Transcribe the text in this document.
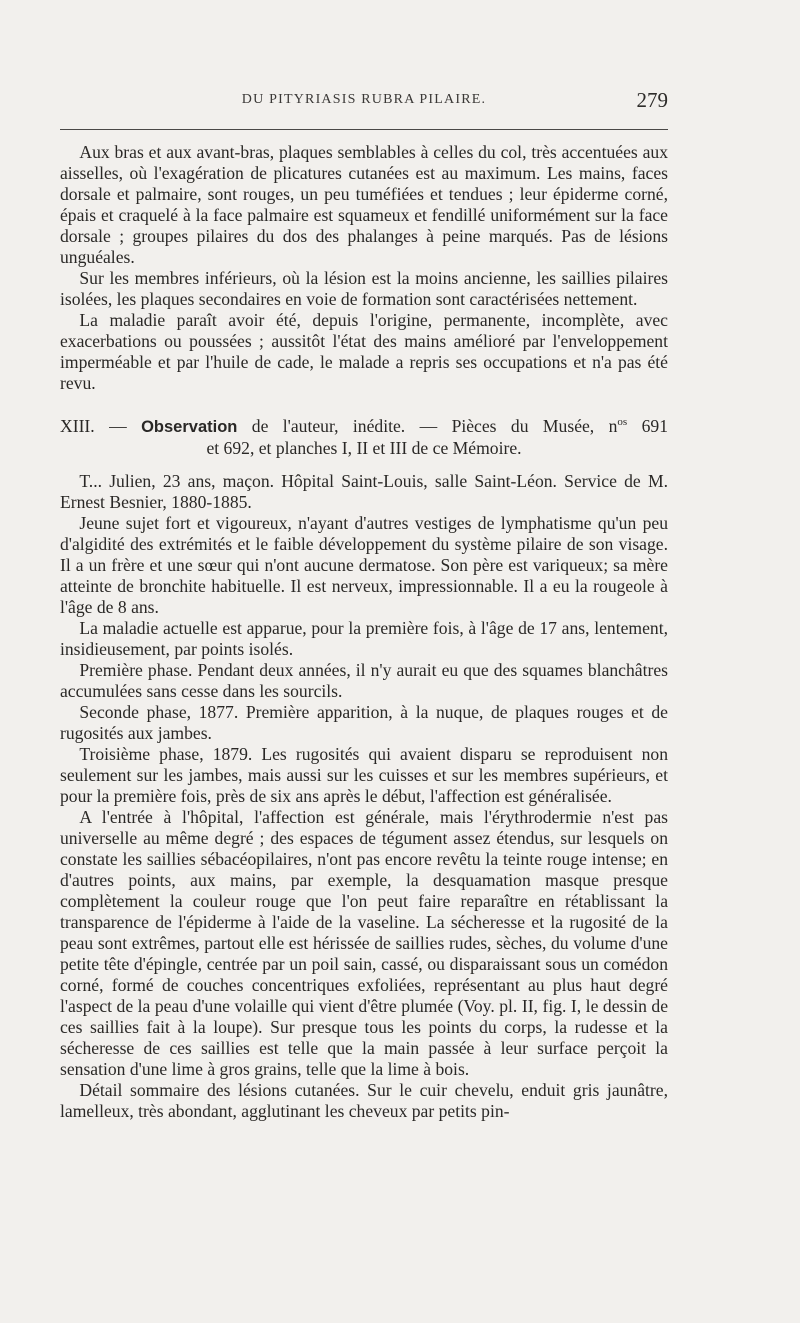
DU PITYRIASIS RUBRA PILAIRE.	279

Aux bras et aux avant-bras, plaques semblables à celles du col, très accentuées aux aisselles, où l'exagération de plicatures cutanées est au maximum. Les mains, faces dorsale et palmaire, sont rouges, un peu tuméfiées et tendues ; leur épiderme corné, épais et craquelé à la face palmaire est squameux et fendillé uniformément sur la face dorsale ; groupes pilaires du dos des phalanges à peine marqués. Pas de lésions unguéales.

Sur les membres inférieurs, où la lésion est la moins ancienne, les saillies pilaires isolées, les plaques secondaires en voie de formation sont caractérisées nettement.

La maladie paraît avoir été, depuis l'origine, permanente, incomplète, avec exacerbations ou poussées ; aussitôt l'état des mains amélioré par l'enveloppement imperméable et par l'huile de cade, le malade a repris ses occupations et n'a pas été revu.

XIII. — Observation de l'auteur, inédite. — Pièces du Musée, $n^{os}$ 691
et 692, et planches I, II et III de ce Mémoire.

T... Julien, 23 ans, maçon. Hôpital Saint-Louis, salle Saint-Léon. Service de M. Ernest Besnier, 1880-1885.

Jeune sujet fort et vigoureux, n'ayant d'autres vestiges de lymphatisme qu'un peu d'algidité des extrémités et le faible développement du système pilaire de son visage. Il a un frère et une sœur qui n'ont aucune dermatose. Son père est variqueux; sa mère atteinte de bronchite habituelle. Il est nerveux, impressionnable. Il a eu la rougeole à l'âge de 8 ans.

La maladie actuelle est apparue, pour la première fois, à l'âge de 17 ans, lentement, insidieusement, par points isolés.

Première phase. Pendant deux années, il n'y aurait eu que des squames blanchâtres accumulées sans cesse dans les sourcils.

Seconde phase, 1877. Première apparition, à la nuque, de plaques rouges et de rugosités aux jambes.

Troisième phase, 1879. Les rugosités qui avaient disparu se reproduisent non seulement sur les jambes, mais aussi sur les cuisses et sur les membres supérieurs, et pour la première fois, près de six ans après le début, l'affection est généralisée.

A l'entrée à l'hôpital, l'affection est générale, mais l'érythrodermie n'est pas universelle au même degré ; des espaces de tégument assez étendus, sur lesquels on constate les saillies sébacéopilaires, n'ont pas encore revêtu la teinte rouge intense; en d'autres points, aux mains, par exemple, la desquamation masque presque complètement la couleur rouge que l'on peut faire reparaître en rétablissant la transparence de l'épiderme à l'aide de la vaseline. La sécheresse et la rugosité de la peau sont extrêmes, partout elle est hérissée de saillies rudes, sèches, du volume d'une petite tête d'épingle, centrée par un poil sain, cassé, ou disparaissant sous un comédon corné, formé de couches concentriques exfoliées, représentant au plus haut degré l'aspect de la peau d'une volaille qui vient d'être plumée (Voy. pl. II, fig. I, le dessin de ces saillies fait à la loupe). Sur presque tous les points du corps, la rudesse et la sécheresse de ces saillies est telle que la main passée à leur surface perçoit la sensation d'une lime à gros grains, telle que la lime à bois.

Détail sommaire des lésions cutanées. Sur le cuir chevelu, enduit gris jaunâtre, lamelleux, très abondant, agglutinant les cheveux par petits pin-
